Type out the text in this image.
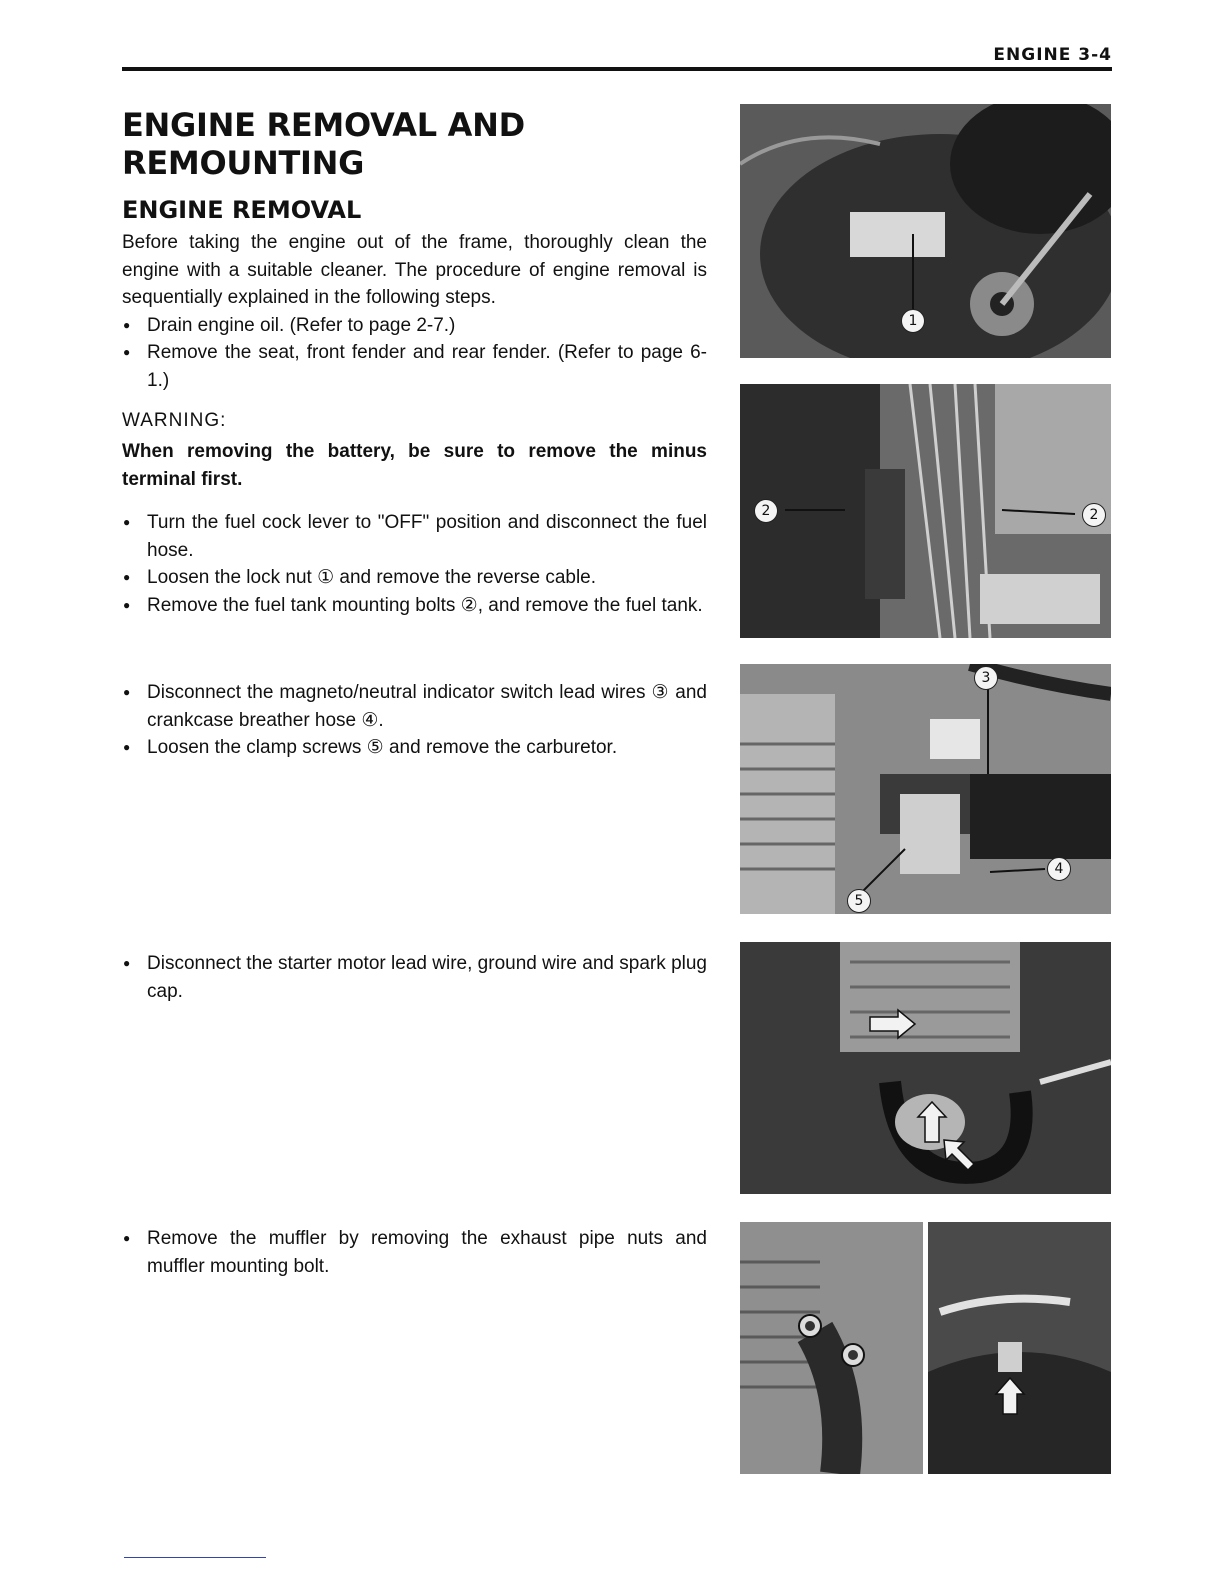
ENGINE 3-4
ENGINE REMOVAL AND REMOUNTING
ENGINE REMOVAL

Before taking the engine out of the frame, thoroughly clean the engine with a suitable cleaner. The procedure of engine removal is sequentially explained in the following steps.

● Drain engine oil. (Refer to page 2-7.)
● Remove the seat, front fender and rear fender. (Refer to page 6-1.)

WARNING:

When removing the battery, be sure to remove the minus terminal first.

● Turn the fuel cock lever to "OFF" position and disconnect the fuel hose.
● Loosen the lock nut ① and remove the reverse cable.
● Remove the fuel tank mounting bolts ②, and remove the fuel tank.
● Disconnect the magneto/neutral indicator switch lead wires ③ and crankcase breather hose ④.
● Loosen the clamp screws ⑤ and remove the carburetor.
● Disconnect the starter motor lead wire, ground wire and spark plug cap.
● Remove the muffler by removing the exhaust pipe nuts and muffler mounting bolt.
1
2	2
3
4
5
